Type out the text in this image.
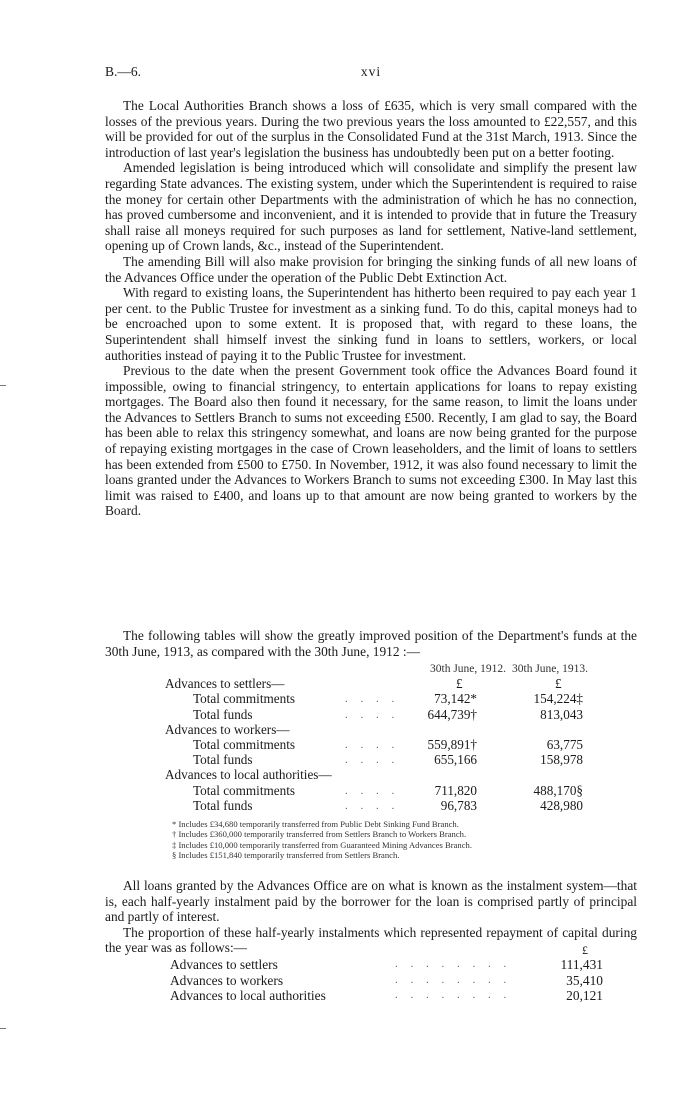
B.—6.	xvi

The Local Authorities Branch shows a loss of £635, which is very small compared with the losses of the previous years. During the two previous years the loss amounted to £22,557, and this will be provided for out of the surplus in the Consolidated Fund at the 31st March, 1913. Since the introduction of last year's legislation the business has undoubtedly been put on a better footing.

Amended legislation is being introduced which will consolidate and simplify the present law regarding State advances. The existing system, under which the Superintendent is required to raise the money for certain other Departments with the administration of which he has no connection, has proved cumbersome and inconvenient, and it is intended to provide that in future the Treasury shall raise all moneys required for such purposes as land for settlement, Native-land settlement, opening up of Crown lands, &c., instead of the Superintendent.

The amending Bill will also make provision for bringing the sinking funds of all new loans of the Advances Office under the operation of the Public Debt Extinction Act.

With regard to existing loans, the Superintendent has hitherto been required to pay each year 1 per cent. to the Public Trustee for investment as a sinking fund. To do this, capital moneys had to be encroached upon to some extent. It is proposed that, with regard to these loans, the Superintendent shall himself invest the sinking fund in loans to settlers, workers, or local authorities instead of paying it to the Public Trustee for investment.

Previous to the date when the present Government took office the Advances Board found it impossible, owing to financial stringency, to entertain applications for loans to repay existing mortgages. The Board also then found it necessary, for the same reason, to limit the loans under the Advances to Settlers Branch to sums not exceeding £500. Recently, I am glad to say, the Board has been able to relax this stringency somewhat, and loans are now being granted for the purpose of repaying existing mortgages in the case of Crown leaseholders, and the limit of loans to settlers has been extended from £500 to £750. In November, 1912, it was also found necessary to limit the loans granted under the Advances to Workers Branch to sums not exceeding £300. In May last this limit was raised to £400, and loans up to that amount are now being granted to workers by the Board.

The following tables will show the greatly improved position of the Department's funds at the 30th June, 1913, as compared with the 30th June, 1912 :—

30th June, 1912. 30th June, 1913.
Advances to settlers—	£	£
Total commitments	. . . .	73,142*	154,224‡
Total funds	. . . . 644,739†	813,043
Advances to workers—
Total commitments	. . . . 559,891†	63,775
Total funds	. . . .	655,166	158,978
Advances to local authorities—
Total commitments	. . . .	711,820	488,170§
Total funds	. . . .	96,783	428,980
* Includes £34,680 temporarily transferred from Public Debt Sinking Fund Branch.
† Includes £360,000 temporarily transferred from Settlers Branch to Workers Branch.
‡ Includes £10,000 temporarily transferred from Guaranteed Mining Advances Branch.
§ Includes £151,840 temporarily transferred from Settlers Branch.

All loans granted by the Advances Office are on what is known as the instalment system—that is, each half-yearly instalment paid by the borrower for the loan is comprised partly of principal and partly of interest.

The proportion of these half-yearly instalments which represented repayment of capital during the year was as follows:—	£
Advances to settlers	. . . . . . . .	111,431
Advances to workers	. . . . . . . .	35,410
Advances to local authorities	. . . . . . . .	20,121
